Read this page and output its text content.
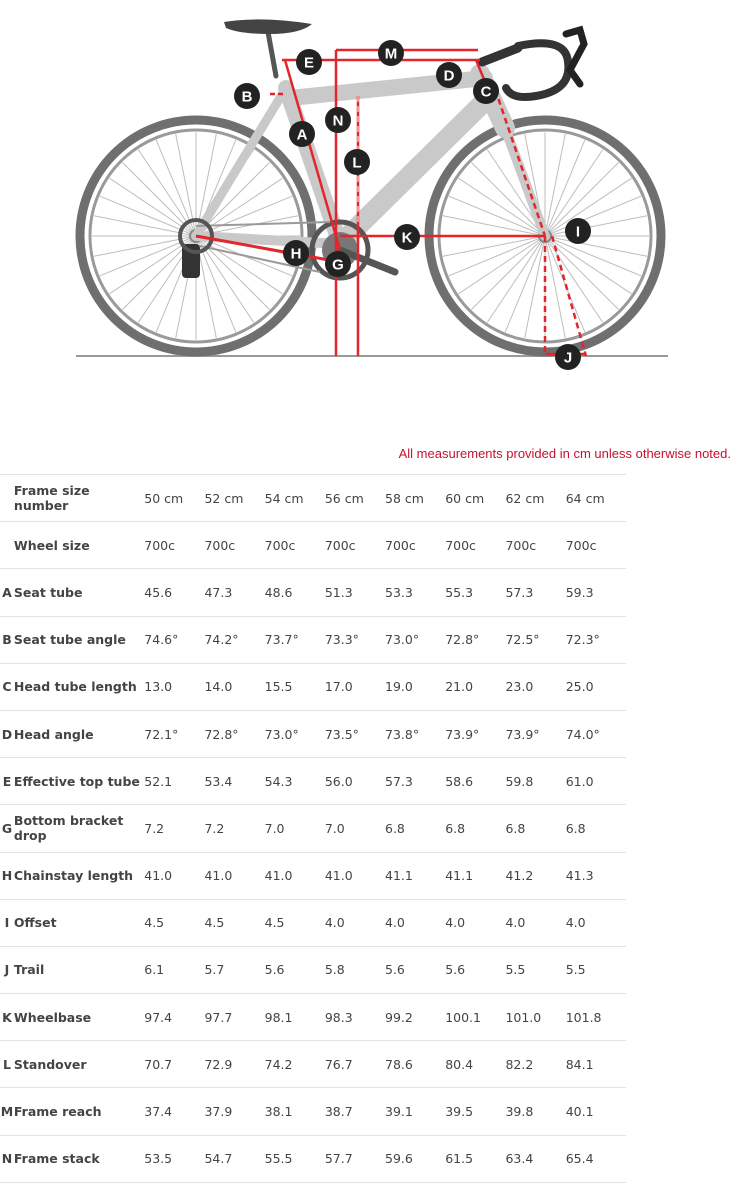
A
B	C
D
E
G
H
I
J
K
L
M
N
All measurements provided in cm unless otherwise noted.
	Frame size number	50 cm	52 cm	54 cm	56 cm	58 cm	60 cm	62 cm	64 cm
	Wheel size	700c	700c	700c	700c	700c	700c	700c	700c
A	Seat tube	45.6	47.3	48.6	51.3	53.3	55.3	57.3	59.3
B	Seat tube angle	74.6°	74.2°	73.7°	73.3°	73.0°	72.8°	72.5°	72.3°
C	Head tube length	13.0	14.0	15.5	17.0	19.0	21.0	23.0	25.0
D	Head angle	72.1°	72.8°	73.0°	73.5°	73.8°	73.9°	73.9°	74.0°
E	Effective top tube	52.1	53.4	54.3	56.0	57.3	58.6	59.8	61.0
G	Bottom bracket drop	7.2	7.2	7.0	7.0	6.8	6.8	6.8	6.8
H	Chainstay length	41.0	41.0	41.0	41.0	41.1	41.1	41.2	41.3
I	Offset	4.5	4.5	4.5	4.0	4.0	4.0	4.0	4.0
J	Trail	6.1	5.7	5.6	5.8	5.6	5.6	5.5	5.5
K	Wheelbase	97.4	97.7	98.1	98.3	99.2	100.1	101.0	101.8
L	Standover	70.7	72.9	74.2	76.7	78.6	80.4	82.2	84.1
M	Frame reach	37.4	37.9	38.1	38.7	39.1	39.5	39.8	40.1
N	Frame stack	53.5	54.7	55.5	57.7	59.6	61.5	63.4	65.4
